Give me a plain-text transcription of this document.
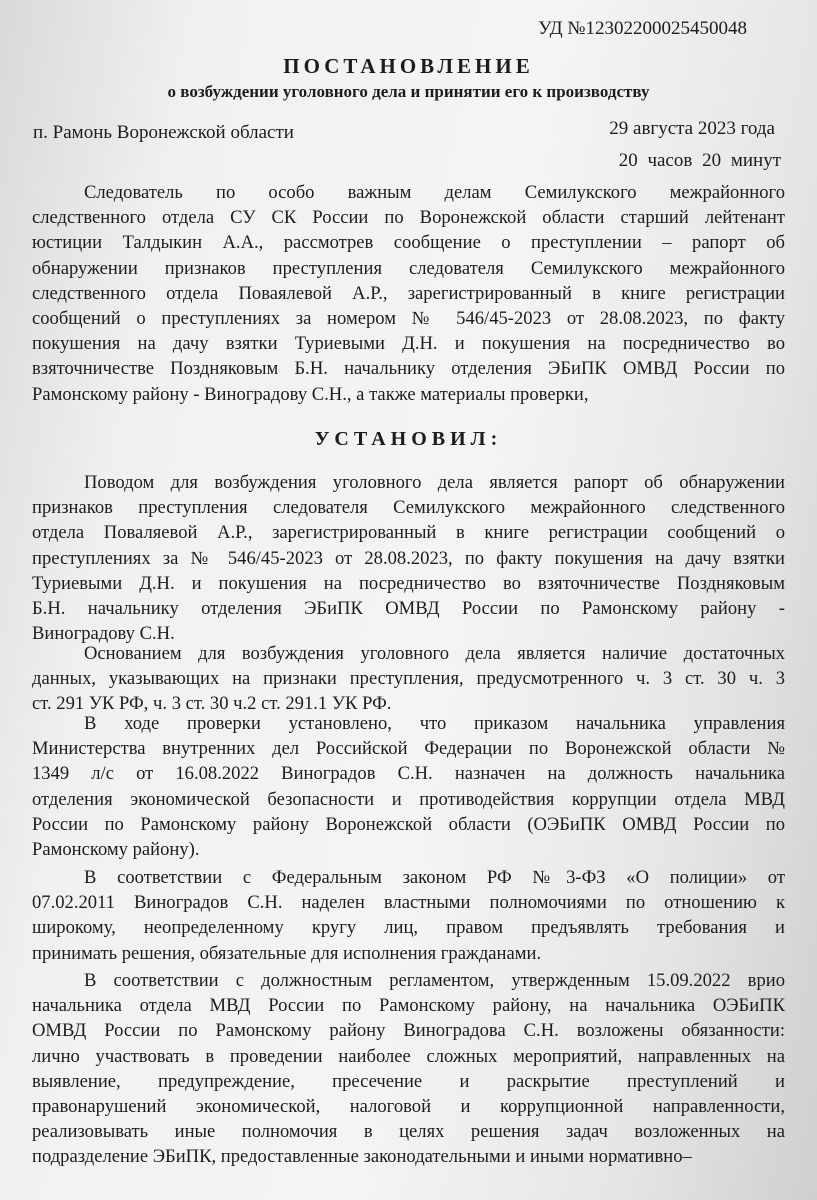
УД №12302200025450048
ПОСТАНОВЛЕНИЕ
о возбуждении уголовного дела и принятии его к производству
п. Рамонь Воронежской области	29 августа 2023 года
20 часов 20 минут
Следователь по особо важным делам Семилукского межрайонного
следственного отдела СУ СК России по Воронежской области старший лейтенант
юстиции Талдыкин А.А., рассмотрев сообщение о преступлении – рапорт об
обнаружении признаков преступления следователя Семилукского межрайонного
следственного отдела Поваялевой А.Р., зарегистрированный в книге регистрации
сообщений о преступлениях за номером № 546/45-2023 от 28.08.2023, по факту
покушения на дачу взятки Туриевыми Д.Н. и покушения на посредничество во
взяточничестве Поздняковым Б.Н. начальнику отделения ЭБиПК ОМВД России по
Рамонскому району - Виноградову С.Н., а также материалы проверки,
УСТАНОВИЛ:
Поводом для возбуждения уголовного дела является рапорт об обнаружении
признаков преступления следователя Семилукского межрайонного следственного
отдела Поваляевой А.Р., зарегистрированный в книге регистрации сообщений о
преступлениях за № 546/45-2023 от 28.08.2023, по факту покушения на дачу взятки
Туриевыми Д.Н. и покушения на посредничество во взяточничестве Поздняковым
Б.Н. начальнику отделения ЭБиПК ОМВД России по Рамонскому району -
Виноградову С.Н.
Основанием для возбуждения уголовного дела является наличие достаточных
данных, указывающих на признаки преступления, предусмотренного ч. 3 ст. 30 ч. 3
ст. 291 УК РФ, ч. 3 ст. 30 ч.2 ст. 291.1 УК РФ.
В ходе проверки установлено, что приказом начальника управления
Министерства внутренних дел Российской Федерации по Воронежской области №
1349 л/с от 16.08.2022 Виноградов С.Н. назначен на должность начальника
отделения экономической безопасности и противодействия коррупции отдела МВД
России по Рамонскому району Воронежской области (ОЭБиПК ОМВД России по
Рамонскому району).
В соответствии с Федеральным законом РФ №3-ФЗ «О полиции» от
07.02.2011 Виноградов С.Н. наделен властными полномочиями по отношению к
широкому, неопределенному кругу лиц, правом предъявлять требования и
принимать решения, обязательные для исполнения гражданами.
В соответствии с должностным регламентом, утвержденным 15.09.2022 врио
начальника отдела МВД России по Рамонскому району, на начальника ОЭБиПК
ОМВД России по Рамонскому району Виноградова С.Н. возложены обязанности:
лично участвовать в проведении наиболее сложных мероприятий, направленных на
выявление, предупреждение, пресечение и раскрытие преступлений и
правонарушений экономической, налоговой и коррупционной направленности,
реализовывать иные полномочия в целях решения задач возложенных на
подразделение ЭБиПК, предоставленные законодательными и иными нормативно–
